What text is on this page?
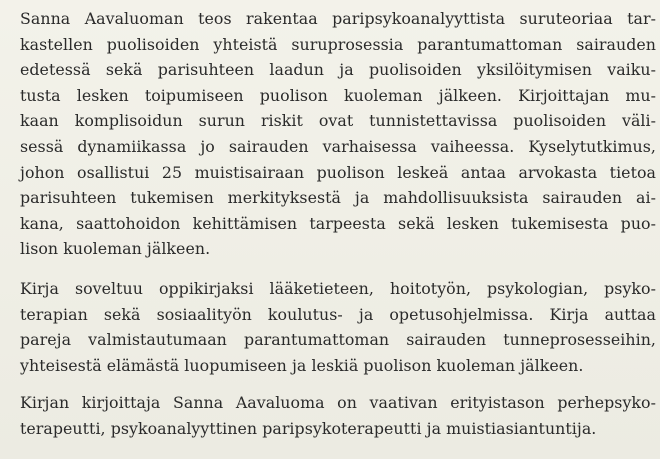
Sanna Aavaluoman teos rakentaa paripsykoanalyyttista suruteoriaa tar-
kastellen puolisoiden yhteistä suruprosessia parantumattoman sairauden
edetessä sekä parisuhteen laadun ja puolisoiden yksilöitymisen vaiku-
tusta lesken toipumiseen puolison kuoleman jälkeen. Kirjoittajan mu-
kaan komplisoidun surun riskit ovat tunnistettavissa puolisoiden väli-
sessä dynamiikassa jo sairauden varhaisessa vaiheessa. Kyselytutkimus,
johon osallistui 25 muistisairaan puolison leskeä antaa arvokasta tietoa
parisuhteen tukemisen merkityksestä ja mahdollisuuksista sairauden ai-
kana, saattohoidon kehittämisen tarpeesta sekä lesken tukemisesta puo-
lison kuoleman jälkeen.
Kirja soveltuu oppikirjaksi lääketieteen, hoitotyön, psykologian, psyko-
terapian sekä sosiaalityön koulutus- ja opetusohjelmissa. Kirja auttaa
pareja valmistautumaan parantumattoman sairauden tunneprosesseihin,
yhteisestä elämästä luopumiseen ja leskiä puolison kuoleman jälkeen.
Kirjan kirjoittaja Sanna Aavaluoma on vaativan erityistason perhepsyko-
terapeutti, psykoanalyyttinen paripsykoterapeutti ja muistiasiantuntija.
